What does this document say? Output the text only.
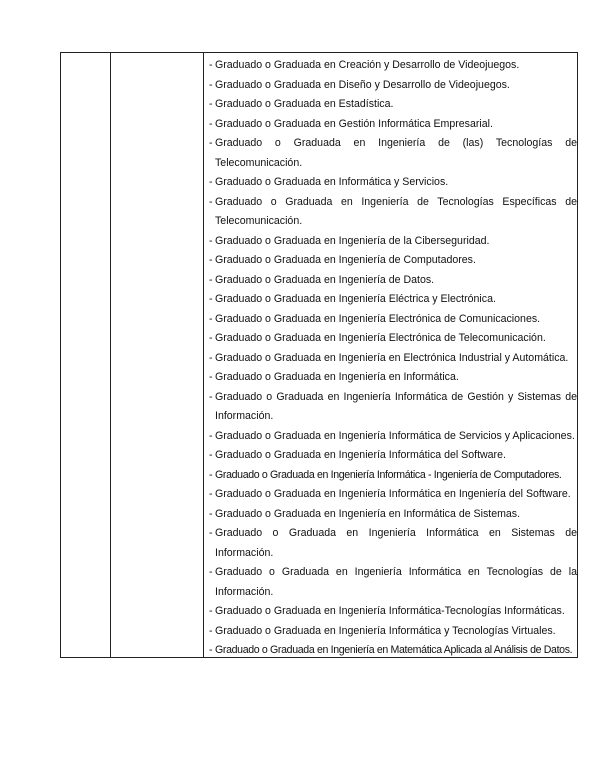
- Graduado o Graduada en Creación y Desarrollo de Videojuegos.
- Graduado o Graduada en Diseño y Desarrollo de Videojuegos.
- Graduado o Graduada en Estadística.
- Graduado o Graduada en Gestión Informática Empresarial.
- Graduado o Graduada en Ingeniería de (las) Tecnologías de Telecomunicación.
- Graduado o Graduada en Informática y Servicios.
- Graduado o Graduada en Ingeniería de Tecnologías Específicas de Telecomunicación.
- Graduado o Graduada en Ingeniería de la Ciberseguridad.
- Graduado o Graduada en Ingeniería de Computadores.
- Graduado o Graduada en Ingeniería de Datos.
- Graduado o Graduada en Ingeniería Eléctrica y Electrónica.
- Graduado o Graduada en Ingeniería Electrónica de Comunicaciones.
- Graduado o Graduada en Ingeniería Electrónica de Telecomunicación.
- Graduado o Graduada en Ingeniería en Electrónica Industrial y Automática.
- Graduado o Graduada en Ingeniería en Informática.
- Graduado o Graduada en Ingeniería Informática de Gestión y Sistemas de Información.
- Graduado o Graduada en Ingeniería Informática de Servicios y Aplicaciones.
- Graduado o Graduada en Ingeniería Informática del Software.
- Graduado o Graduada en Ingeniería Informática - Ingeniería de Computadores.
- Graduado o Graduada en Ingeniería Informática en Ingeniería del Software.
- Graduado o Graduada en Ingeniería en Informática de Sistemas.
- Graduado o Graduada en Ingeniería Informática en Sistemas de Información.
- Graduado o Graduada en Ingeniería Informática en Tecnologías de la Información.
- Graduado o Graduada en Ingeniería Informática-Tecnologías Informáticas.
- Graduado o Graduada en Ingeniería Informática y Tecnologías Virtuales.
- Graduado o Graduada en Ingeniería en Matemática Aplicada al Análisis de Datos.
